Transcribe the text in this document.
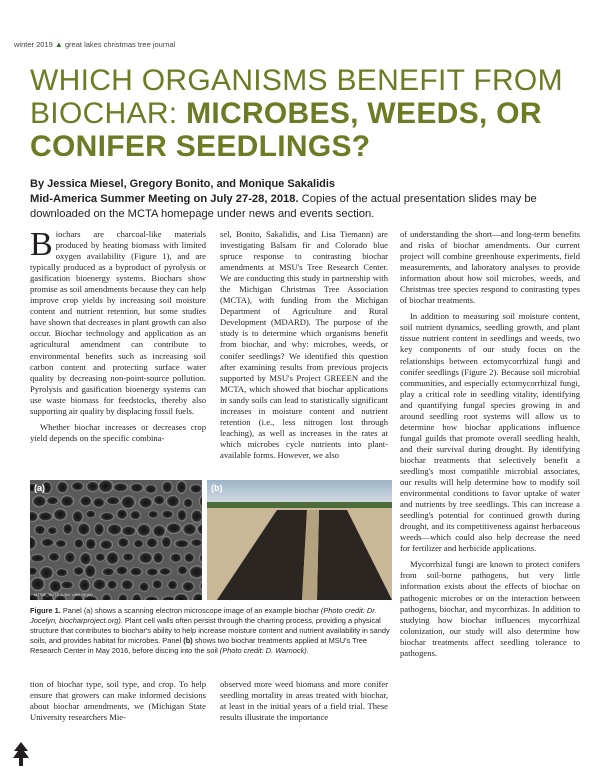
winter 2019 ▲ great lakes christmas tree journal
WHICH ORGANISMS BENEFIT FROM
BIOCHAR: MICROBES, WEEDS, OR
CONIFER SEEDLINGS?
By Jessica Miesel, Gregory Bonito, and Monique Sakalidis
Mid-America Summer Meeting on July 27-28, 2018. Copies of the actual presentation slides may be downloaded on the MCTA homepage under news and events section.

Biochars are charcoal-like materials produced by heating biomass with limited oxygen availability (Figure 1), and are typically produced as a byproduct of pyrolysis or gasification bioenergy systems. Biochars show promise as soil amendments because they can help improve crop yields by increasing soil moisture content and nutrient retention, but some studies have shown that decreases in plant growth can also occur. Biochar technology and application as an agricultural amendment can contribute to environmental benefits such as increasing soil carbon content and protecting surface water quality by decreasing non-point-source pollution. Pyrolysis and gasification bioenergy systems can use waste biomass for feedstocks, thereby also supporting air quality by displacing fossil fuels.

Whether biochar increases or decreases crop yield depends on the specific combina-

sel, Bonito, Sakalidis, and Lisa Tiemann) are investigating Balsam fir and Colorado blue spruce response to contrasting biochar amendments at MSU's Tree Research Center. We are conducting this study in partnership with the Michigan Christmas Tree Association (MCTA), with funding from the Michigan Department of Agriculture and Rural Development (MDARD). The purpose of the study is to determine which organisms benefit from biochar, and why: microbes, weeds, or conifer seedlings? We identified this question after examining results from previous projects supported by MSU's Project GREEEN and the MCTA, which showed that biochar applications in sandy soils can lead to statistically significant increases in moisture content and nutrient retention (i.e., less nitrogen lost through leaching), as well as increases in the rates at which microbes cycle nutrients into plant-available forms. However, we also

of understanding the short—and long-term benefits and risks of biochar amendments. Our current project will combine greenhouse experiments, field measurements, and laboratory analyses to provide information about how soil microbes, weeds, and Christmas tree species respond to contrasting types of biochar treatments.

In addition to measuring soil moisture content, soil nutrient dynamics, seedling growth, and plant tissue nutrient content in seedlings and weeds, two key components of our study focus on the relationships between ectomycorrhizal fungi and conifer seedlings (Figure 2). Because soil microbial communities, and especially ectomycorrhizal fungi, play a critical role in seedling vitality, identifying and quantifying fungal species growing in and around seedling root systems will allow us to determine how biochar applications influence fungal guilds that promote overall seedling health, and their survival during drought. By identifying biochar treatments that selectively benefit a seedling's most compatible microbial associates, our results will help determine how to modify soil environmental conditions to favor uptake of water and nutrients by tree seedlings. This can increase a seedling's potential for continued growth during drought, and its competitiveness against herbaceous weeds—which could also help decrease the need for fertilizer and herbicide applications.

Mycorrhizal fungi are known to protect conifers from soil-borne pathogens, but very little information exists about the effects of biochar on pathogenic microbes or on the interaction between pathogens, biochar, and mycorrhizas. In addition to studying how biochar influences mycorrhizal colonization, our study will also determine how biochar treatments affect seedling tolerance to pathogens.

(a)
MTSIE_BUTS 3.0kV x400 SE(M)
(b)
Figure 1. Panel (a) shows a scanning electron microscope image of an example biochar (Photo credit: Dr. Jocelyn, biocharproject.org). Plant cell walls often persist through the charring process, providing a physical structure that contributes to biochar's ability to help increase moisture content and nutrient availability in sandy soils, and provides habitat for microbes. Panel (b) shows two biochar treatments applied at MSU's Tree Research Center in May 2016, before discing into the soil (Photo credit: D. Warnock).

tion of biochar type, soil type, and crop. To help ensure that growers can make informed decisions about biochar amendments, we (Michigan State University researchers Mie-

observed more weed biomass and more conifer seedling mortality in areas treated with biochar, at least in the initial years of a field trial. These results illustrate the importance
